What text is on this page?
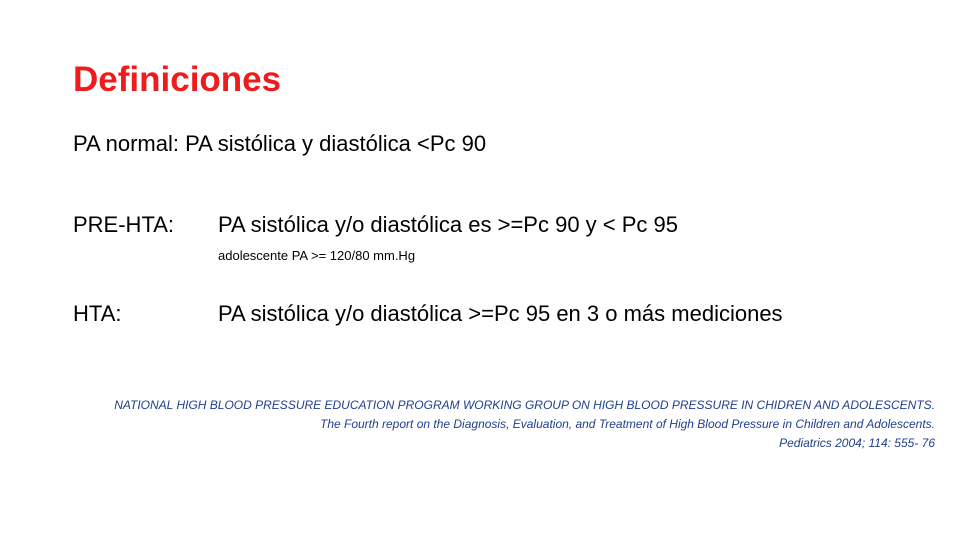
Definiciones
PA normal: PA sistólica y diastólica <Pc 90
PRE-HTA: PA sistólica y/o diastólica es >=Pc 90 y < Pc 95
adolescente PA >= 120/80 mm.Hg
HTA:	PA sistólica y/o diastólica >=Pc 95 en 3 o más mediciones
NATIONAL HIGH BLOOD PRESSURE EDUCATION PROGRAM WORKING GROUP ON HIGH BLOOD PRESSURE IN CHIDREN AND ADOLESCENTS.
The Fourth report on the Diagnosis, Evaluation, and Treatment of High Blood Pressure in Children and Adolescents.
Pediatrics 2004; 114: 555- 76
